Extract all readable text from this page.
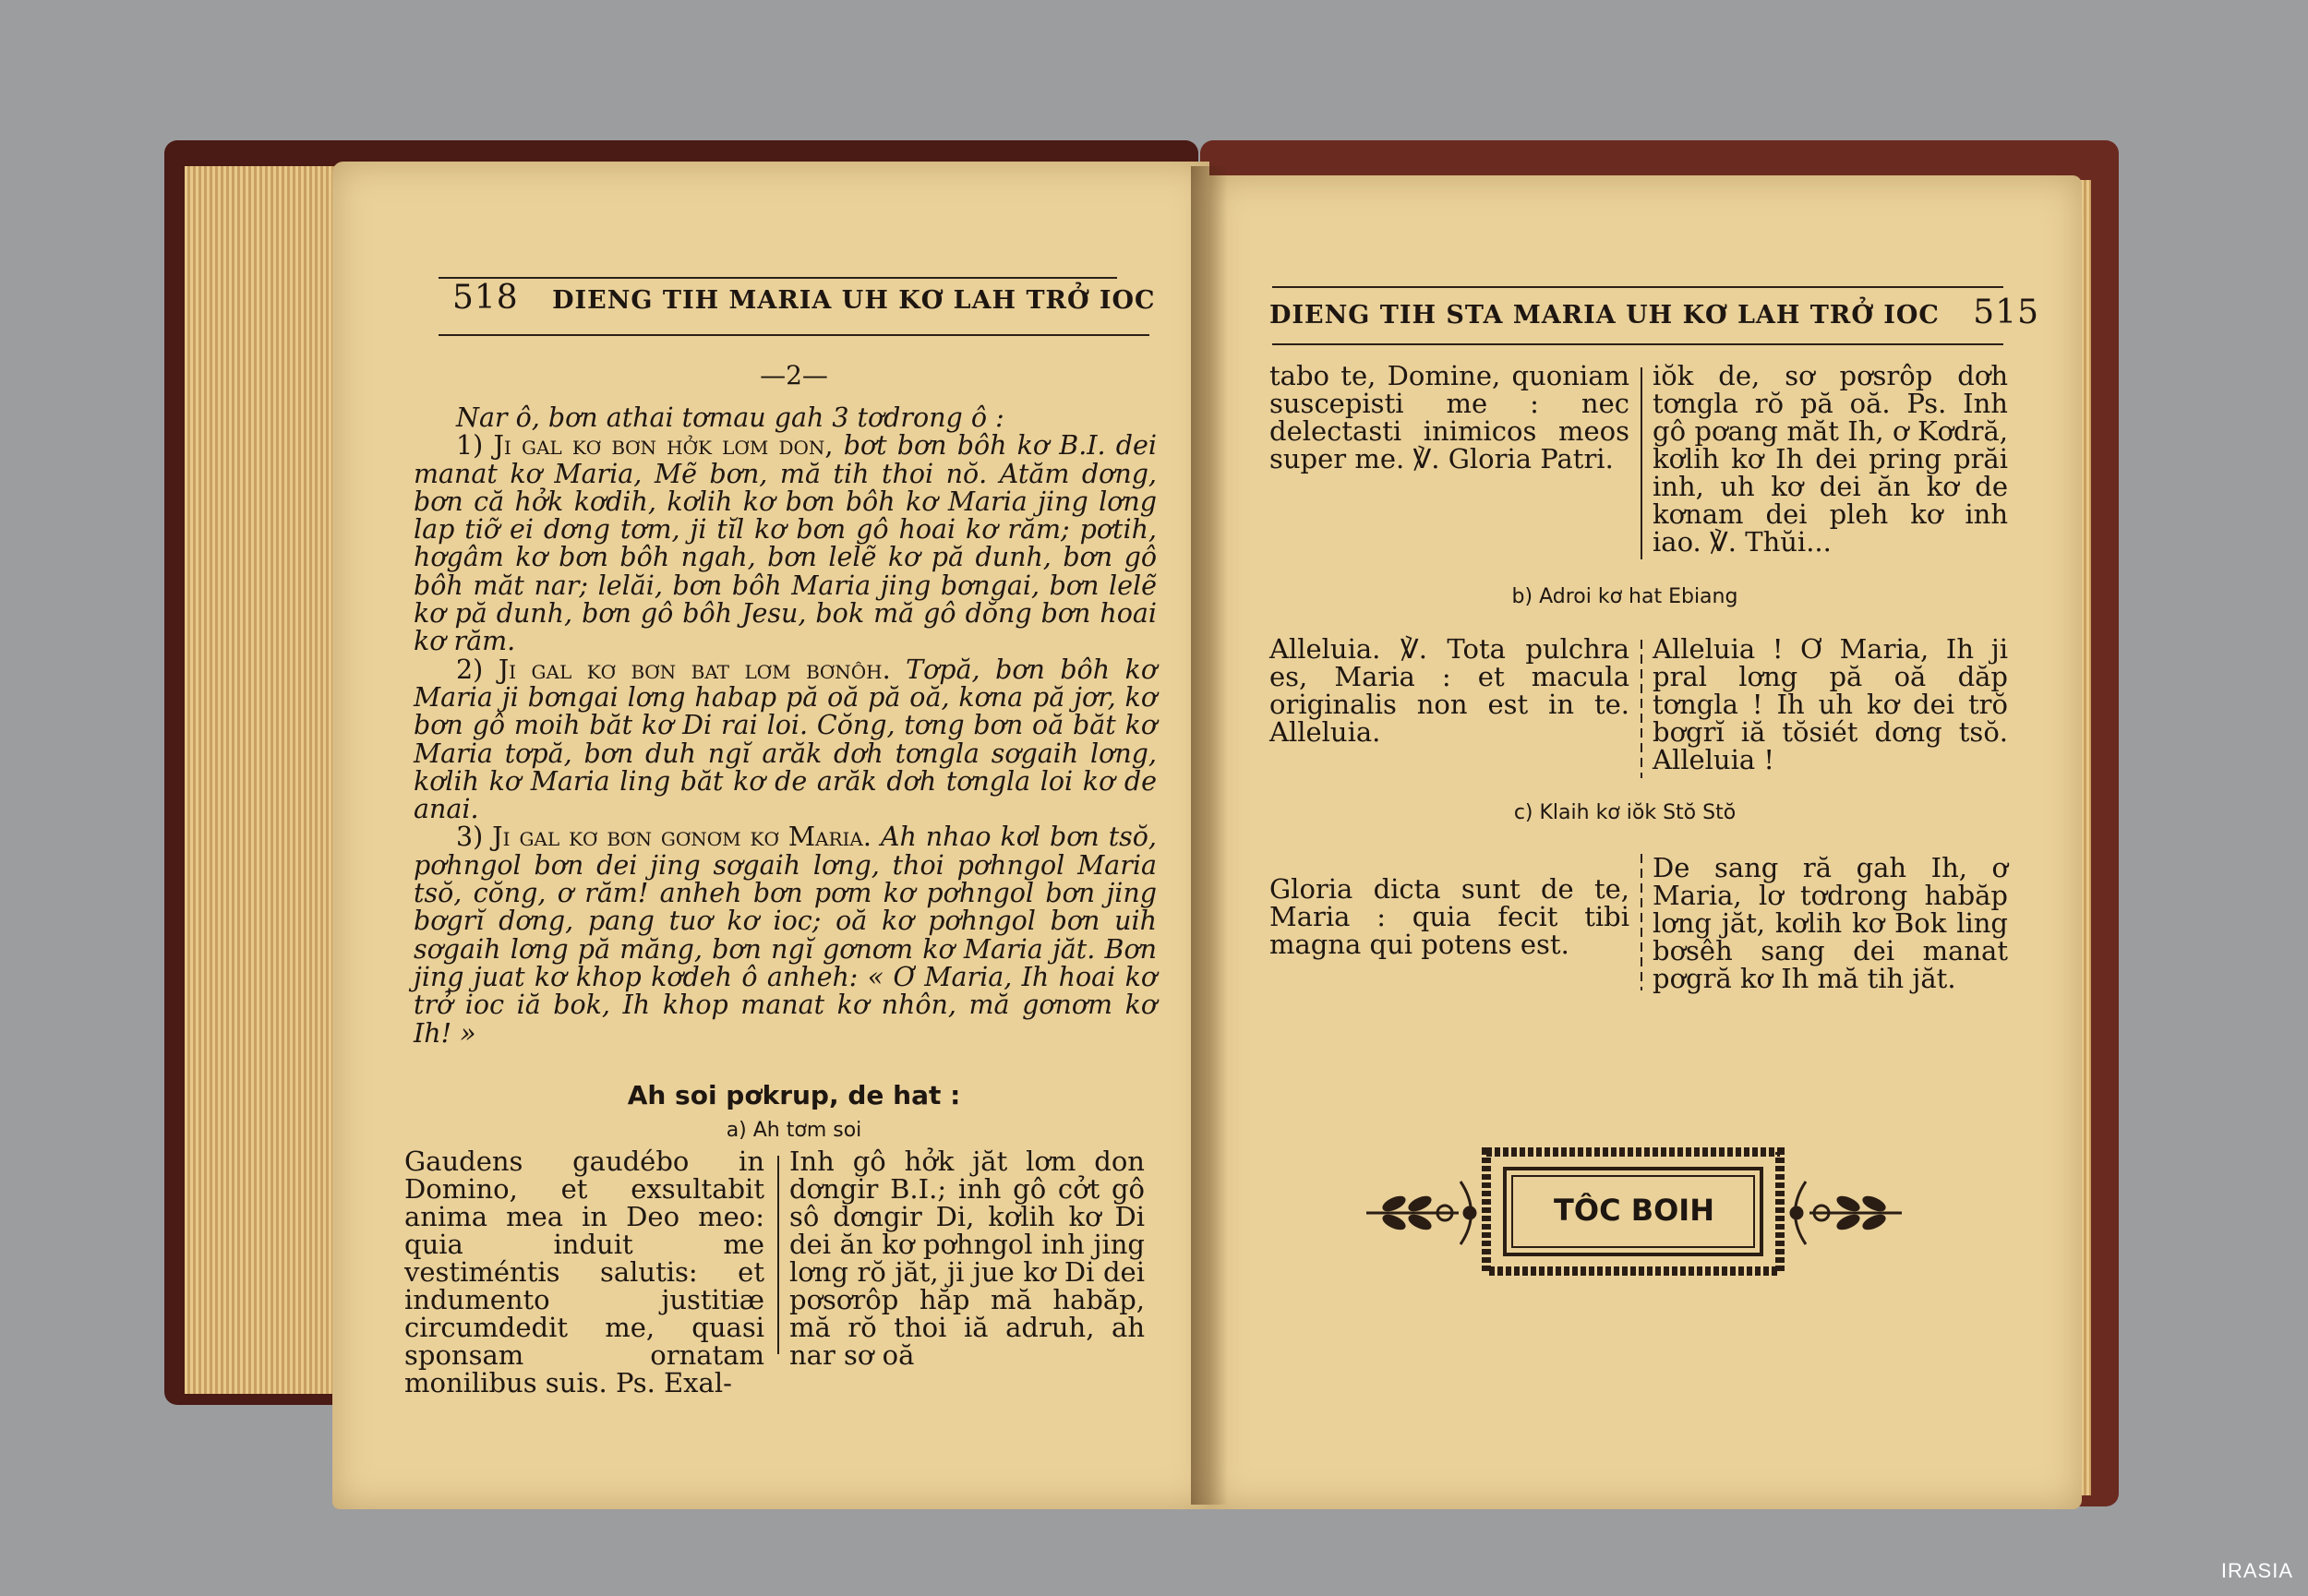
518 DIENG TIH MARIA UH KƠ LAH TRỞ IOC
—2—

Nar ô, bơn athai tơmau gah 3 tơdrong ô :

1) Ji gal kơ bơn hởk lơm don, bơt bơn bôh kơ B.I. dei manat kơ Maria, Mẽ bơn, mă tih thoi nŏ. Atăm dơng, bơn că hởk kơdih, kơlih kơ bơn bôh kơ Maria jing lơng lap tiỡ ei dơng tơm, ji tĭl kơ bơn gô hoai kơ răm; pơtih, hơgâm kơ bơn bôh ngah, bơn lelẽ kơ pă dunh, bơn gô bôh măt nar; lelăi, bơn bôh Maria jing bơngai, bơn lelẽ kơ pă dunh, bơn gô bôh Jesu, bok mă gô dŏng bơn hoai kơ răm.

2) Ji gal kơ bơn bat lơm bơnôh. Tơpă, bơn bôh kơ Maria ji bơngai lơng habap pă oă pă oă, kơna pă jơr, kơ bơn gô moih băt kơ Di rai loi. Cŏng, tơng bơn oă băt kơ Maria tơpă, bơn duh ngĭ arăk dơh tơngla sơgaih lơng, kơlih kơ Maria ling băt kơ de arăk dơh tơngla loi kơ de anai.

3) Ji gal kơ bơn gơnơm kơ Maria. Ah nhao kơl bơn tsŏ, pơhngol bơn dei jing sơgaih lơng, thoi pơhngol Maria tsŏ, cŏng, ơ răm! anheh bơn pơm kơ pơhngol bơn jing bơgrĭ dơng, pang tuơ kơ ioc; oă kơ pơhngol bơn uih sơgaih lơng pă măng, bơn ngĭ gơnơm kơ Maria jăt. Bơn jing juat kơ khop kơdeh ô anheh: « Ơ Maria, Ih hoai kơ trở ioc iă bok, Ih khop manat kơ nhôn, mă gơnơm kơ Ih! »

Ah soi pơkrup, de hat :
a) Ah tơm soi
Gaudens gaudébo in Domino, et exsultabit anima mea in Deo meo: quia induit me vestiméntis salutis: et indumento justitiæ circumdedit me, quasi sponsam ornatam monilibus suis. Ps. Exal-
Inh gô hởk jăt lơm don dơngir B.I.; inh gô cởt gô sô dơngir Di, kơlih kơ Di dei ăn kơ pơhngol inh jing lơng rŏ jăt, ji jue kơ Di dei pơsơrôp hăp mă habăp, mă rŏ thoi iă adruh, ah nar sơ oă
DIENG TIH STA MARIA UH KƠ LAH TRỞ IOC 515
tabo te, Domine, quoniam suscepisti me : nec delectasti inimicos meos super me. ℣. Gloria Patri.
iŏk de, sơ pơsrôp dơh tơngla rŏ pă oă. Ps. Inh gô pơang măt Ih, ơ Kơdră, kơlih kơ Ih dei pring prăi inh, uh kơ dei ăn kơ de kơnam dei pleh kơ inh iao. ℣. Thŭi...
b) Adroi kơ hat Ebiang
Alleluia. ℣. Tota pulchra es, Maria : et macula originalis non est in te. Alleluia.
Alleluia ! Ơ Maria, Ih ji pral lơng pă oă dăp tơngla ! Ih uh kơ dei trŏ bơgrĭ iă tŏsiét dơng tsŏ. Alleluia !
c) Klaih kơ iŏk Stŏ Stŏ
Gloria dicta sunt de te, Maria : quia fecit tibi magna qui potens est.
De sang ră gah Ih, ơ Maria, lơ tơdrong habăp lơng jăt, kơlih kơ Bok ling bơsêh sang dei manat pơgră kơ Ih mă tih jăt.
TÔC BOIH
IRASIA
